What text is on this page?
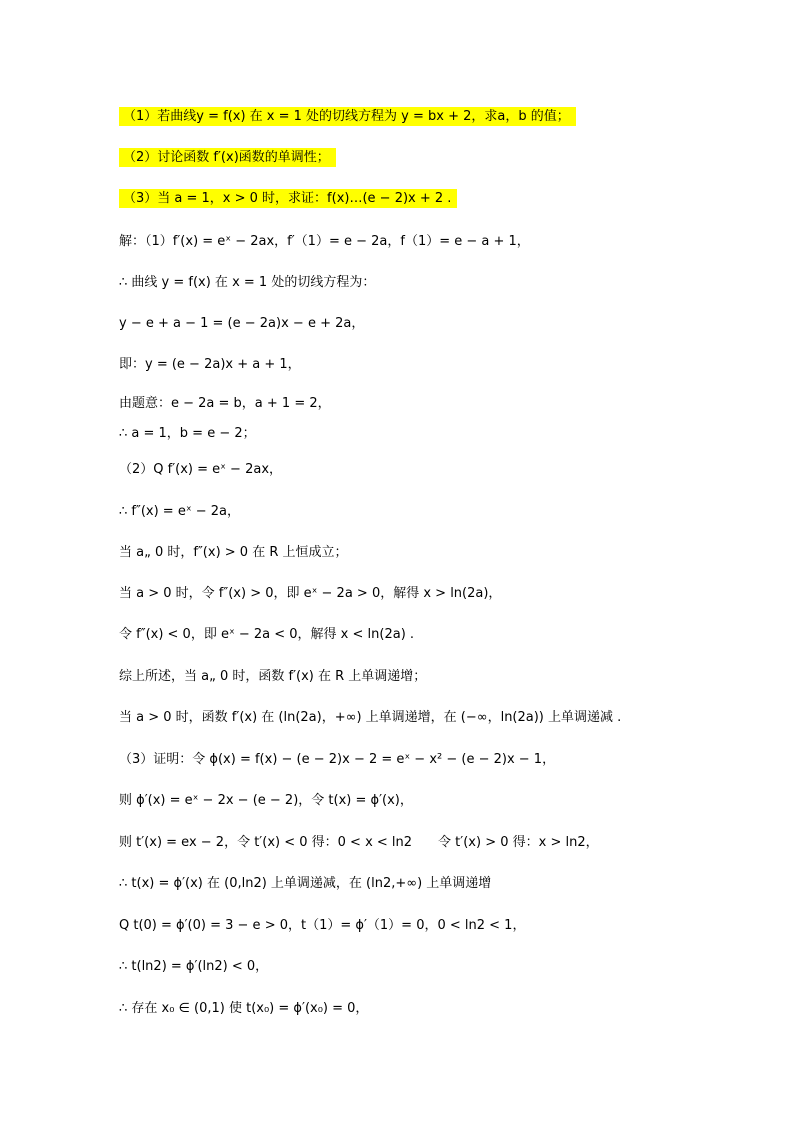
（1）若曲线y = f(x) 在 x = 1 处的切线方程为 y = bx + 2，求a，b 的值；
（2）讨论函数 f′(x)函数的单调性；
（3）当 a = 1，x > 0 时，求证：f(x)…(e − 2)x + 2 .
解：（1）f′(x) = eˣ − 2ax，f′（1）= e − 2a，f（1）= e − a + 1，
∴ 曲线 y = f(x) 在 x = 1 处的切线方程为：
y − e + a − 1 = (e − 2a)x − e + 2a，
即：y = (e − 2a)x + a + 1，
由题意：e − 2a = b，a + 1 = 2，
∴ a = 1，b = e − 2；
（2）Q f′(x) = eˣ − 2ax，
∴ f″(x) = eˣ − 2a，
当 a„ 0 时，f″(x) > 0 在 R 上恒成立；
当 a > 0 时，令 f″(x) > 0，即 eˣ − 2a > 0，解得 x > ln(2a)，
令 f″(x) < 0，即 eˣ − 2a < 0，解得 x < ln(2a) .
综上所述，当 a„ 0 时，函数 f′(x) 在 R 上单调递增；
当 a > 0 时，函数 f′(x) 在 (ln(2a)，+∞) 上单调递增，在 (−∞，ln(2a)) 上单调递减 .
（3）证明：令 ϕ(x) = f(x) − (e − 2)x − 2 = eˣ − x² − (e − 2)x − 1，
则 ϕ′(x) = eˣ − 2x − (e − 2)，令 t(x) = ϕ′(x)，
则 t′(x) = ex − 2，令 t′(x) < 0 得：0 < x < ln2　　令 t′(x) > 0 得：x > ln2，
∴ t(x) = ϕ′(x) 在 (0,ln2) 上单调递减，在 (ln2,+∞) 上单调递增
Q t(0) = ϕ′(0) = 3 − e > 0，t（1）= ϕ′（1）= 0，0 < ln2 < 1，
∴ t(ln2) = ϕ′(ln2) < 0，
∴ 存在 x₀ ∈ (0,1) 使 t(x₀) = ϕ′(x₀) = 0，
